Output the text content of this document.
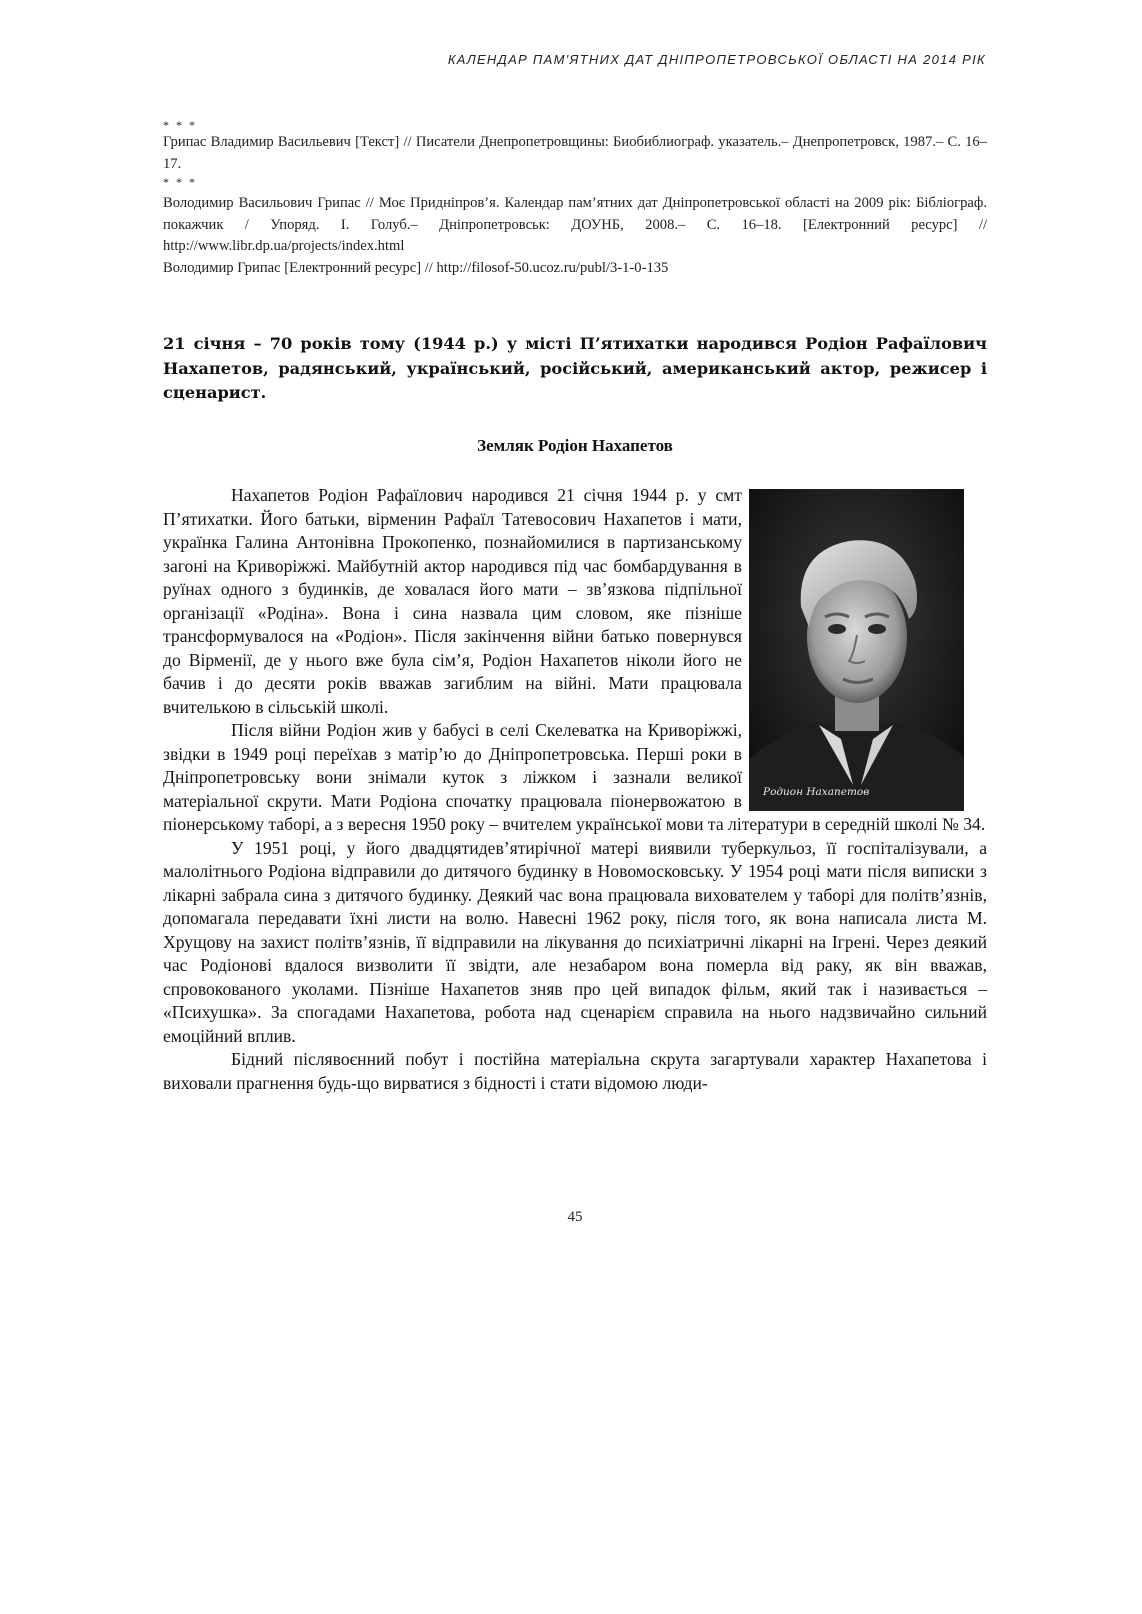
КАЛЕНДАР ПАМ'ЯТНИХ ДАТ ДНІПРОПЕТРОВСЬКОЇ ОБЛАСТІ НА 2014 РІК
* * *
Грипас Владимир Васильевич [Текст] // Писатели Днепропетровщины: Биобиблиограф. указатель.– Днепропетровск, 1987.– С. 16–17.
* * *
Володимир Васильович Грипас // Моє Придніпров’я. Календар пам’ятних дат Дніпропетровської області на 2009 рік: Бібліограф. покажчик / Упоряд. І. Голуб.– Дніпропетровськ: ДОУНБ, 2008.– С. 16–18. [Електронний ресурс] // http://www.libr.dp.ua/projects/index.html
Володимир Грипас [Електронний ресурс] // http://filosof-50.ucoz.ru/publ/3-1-0-135
21 січня – 70 років тому (1944 р.) у місті П’ятихатки народився Родіон Рафаїлович Нахапетов, радянський, український, російський, американський актор, режисер і сценарист.
Земляк Родіон Нахапетов
Родион Нахапетов

Нахапетов Родіон Рафаїлович народився 21 січня 1944 р. у смт П’ятихатки. Його батьки, вірменин Рафаїл Татевосович Нахапетов і мати, українка Галина Антонівна Прокопенко, познайомилися в партизанському загоні на Криворіжжі. Майбутній актор народився під час бомбардування в руїнах одного з будинків, де ховалася його мати – зв’язкова підпільної організації «Родіна». Вона і сина назвала цим словом, яке пізніше трансформувалося на «Родіон». Після закінчення війни батько повернувся до Вірменії, де у нього вже була сім’я, Родіон Нахапетов ніколи його не бачив і до десяти років вважав загиблим на війні. Мати працювала вчителькою в сільській школі.

Після війни Родіон жив у бабусі в селі Скелеватка на Криворіжжі, звідки в 1949 році переїхав з матір’ю до Дніпропетровська. Перші роки в Дніпропетровську вони знімали куток з ліжком і зазнали великої матеріальної скрути. Мати Родіона спочатку працювала піонервожатою в піонерському таборі, а з вересня 1950 року – вчителем української мови та літератури в середній школі № 34.

У 1951 році, у його двадцятидев’ятирічної матері виявили туберкульоз, її госпіталізували, а малолітнього Родіона відправили до дитячого будинку в Новомосковську. У 1954 році мати після виписки з лікарні забрала сина з дитячого будинку. Деякий час вона працювала вихователем у таборі для політв’язнів, допомагала передавати їхні листи на волю. Навесні 1962 року, після того, як вона написала листа М. Хрущову на захист політв’язнів, її відправили на лікування до психіатричні лікарні на Ігрені. Через деякий час Родіонові вдалося визволити її звідти, але незабаром вона померла від раку, як він вважав, спровокованого уколами. Пізніше Нахапетов зняв про цей випадок фільм, який так і називається – «Психушка». За спогадами Нахапетова, робота над сценарієм справила на нього надзвичайно сильний емоційний вплив.

Бідний післявоєнний побут і постійна матеріальна скрута загартували характер Нахапетова і виховали прагнення будь-що вирватися з бідності і стати відомою люди-

45
